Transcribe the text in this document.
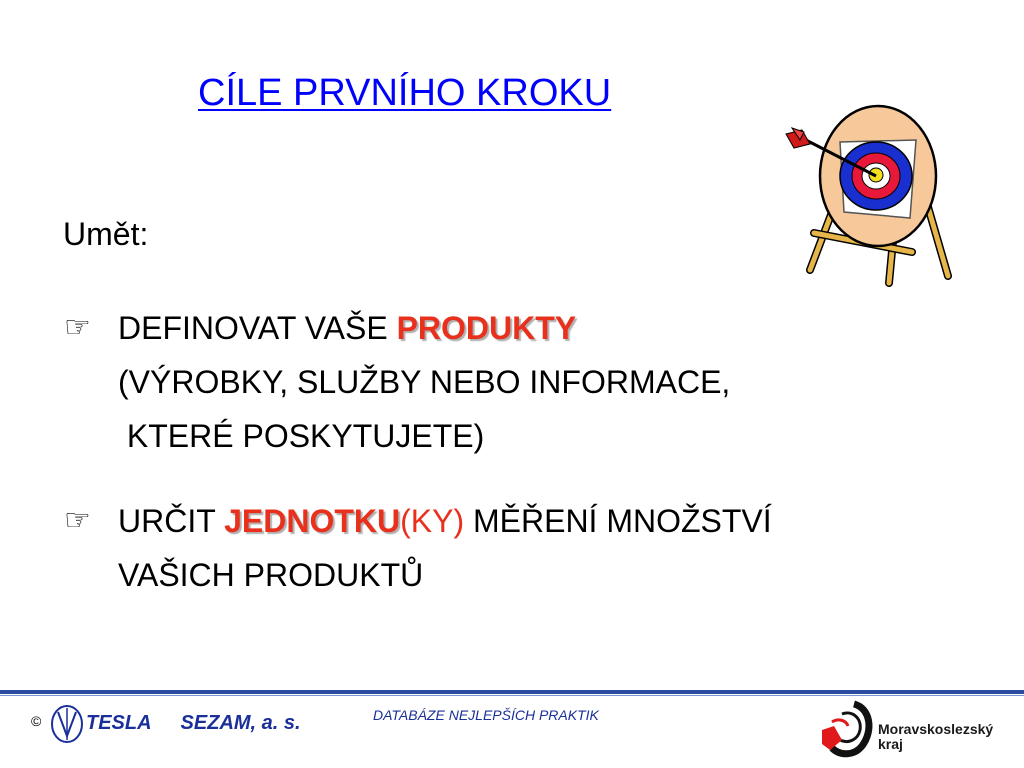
CÍLE PRVNÍHO KROKU
Umět:
☞ DEFINOVAT VAŠE PRODUKTY
(VÝROBKY, SLUŽBY NEBO INFORMACE,
KTERÉ POSKYTUJETE)
☞ URČIT JEDNOTKU(KY) MĚŘENÍ MNOŽSTVÍ
VAŠICH PRODUKTŮ
© TESLA SEZAM, a. s.	DATABÁZE NEJLEPŠÍCH PRAKTIK
Moravskoslezský
kraj
